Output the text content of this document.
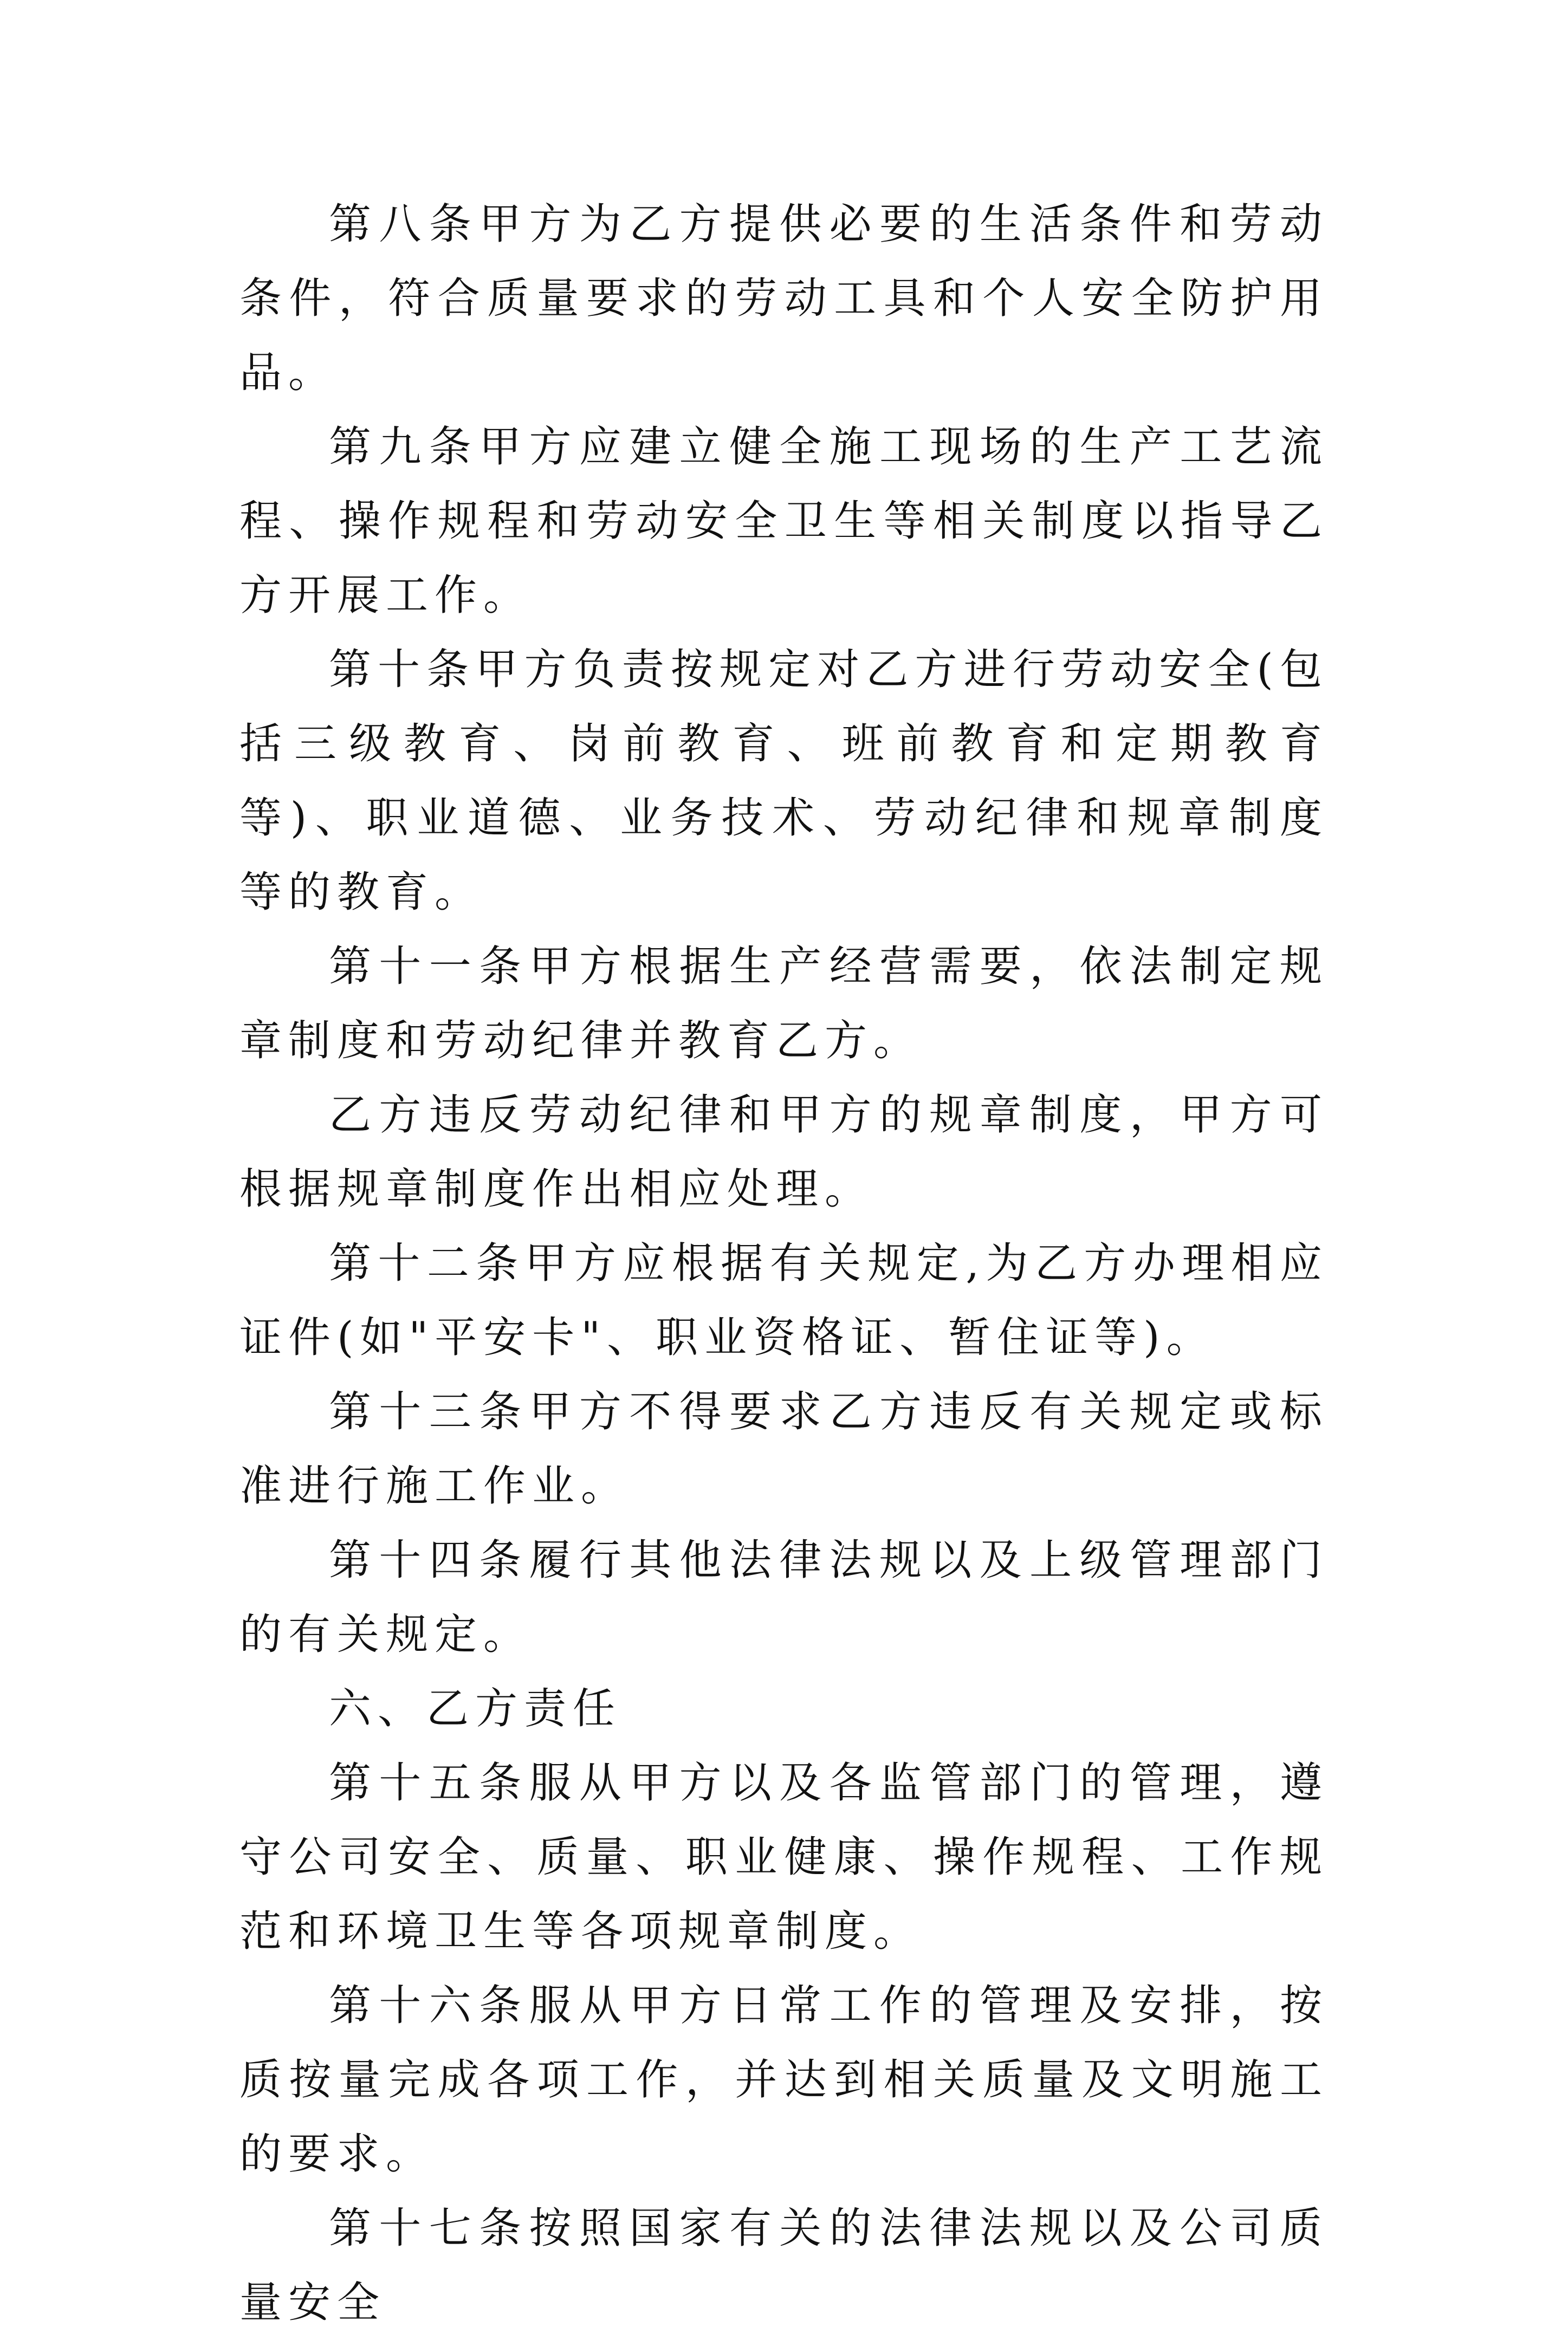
第八条甲方为乙方提供必要的生活条件和劳动条件，符合质量要求的劳动工具和个人安全防护用品。

第九条甲方应建立健全施工现场的生产工艺流程、操作规程和劳动安全卫生等相关制度以指导乙方开展工作。

第十条甲方负责按规定对乙方进行劳动安全(包括三级教育、岗前教育、班前教育和定期教育等)、职业道德、业务技术、劳动纪律和规章制度等的教育。

第十一条甲方根据生产经营需要，依法制定规章制度和劳动纪律并教育乙方。

乙方违反劳动纪律和甲方的规章制度，甲方可根据规章制度作出相应处理。

第十二条甲方应根据有关规定,为乙方办理相应证件(如"平安卡"、职业资格证、暂住证等)。

第十三条甲方不得要求乙方违反有关规定或标准进行施工作业。

第十四条履行其他法律法规以及上级管理部门的有关规定。

六、乙方责任

第十五条服从甲方以及各监管部门的管理，遵守公司安全、质量、职业健康、操作规程、工作规范和环境卫生等各项规章制度。

第十六条服从甲方日常工作的管理及安排，按质按量完成各项工作，并达到相关质量及文明施工的要求。

第十七条按照国家有关的法律法规以及公司质量安全
